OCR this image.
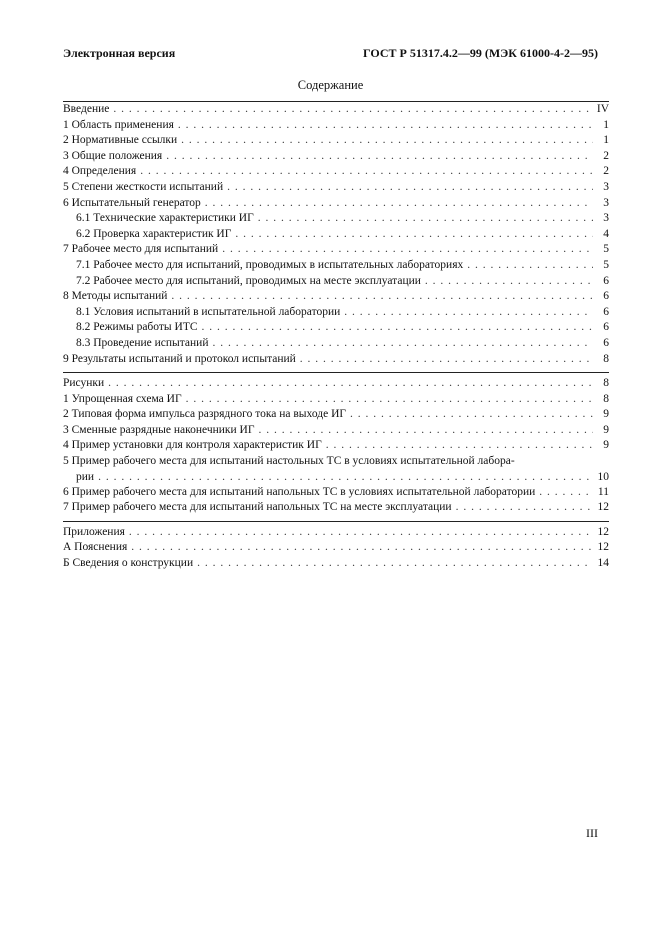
Электронная версия	ГОСТ Р 51317.4.2—99 (МЭК 61000-4-2—95)
Содержание
Введение . . .	IV
1 Область применения . . .	1
2 Нормативные ссылки . . .	1
3 Общие положения . . .	2
4 Определения . . .	2
5 Степени жесткости испытаний . . .	3
6 Испытательный генератор . . .	3
6.1 Технические характеристики ИГ . . .	3
6.2 Проверка характеристик ИГ . . .	4
7 Рабочее место для испытаний . . .	5
7.1 Рабочее место для испытаний, проводимых в испытательных лабораториях . . .	5
7.2 Рабочее место для испытаний, проводимых на месте эксплуатации . . .	6
8 Методы испытаний . . .	6
8.1 Условия испытаний в испытательной лаборатории . . .	6
8.2 Режимы работы ИТС . . .	6
8.3 Проведение испытаний . . .	6
9 Результаты испытаний и протокол испытаний . . .	8
Рисунки . . .	8
1 Упрощенная схема ИГ . . .	8
2 Типовая форма импульса разрядного тока на выходе ИГ . . .	9
3 Сменные разрядные наконечники ИГ . . .	9
4 Пример установки для контроля характеристик ИГ . . .	9
5 Пример рабочего места для испытаний настольных ТС в условиях испытательной лабора-
рии . . .	10
6 Пример рабочего места для испытаний напольных ТС в условиях испытательной лаборатории . . .	11
7 Пример рабочего места для испытаний напольных ТС на месте эксплуатации . . .	12
Приложения . . .	12
А Пояснения . . .	12
Б Сведения о конструкции . . .	14
III
